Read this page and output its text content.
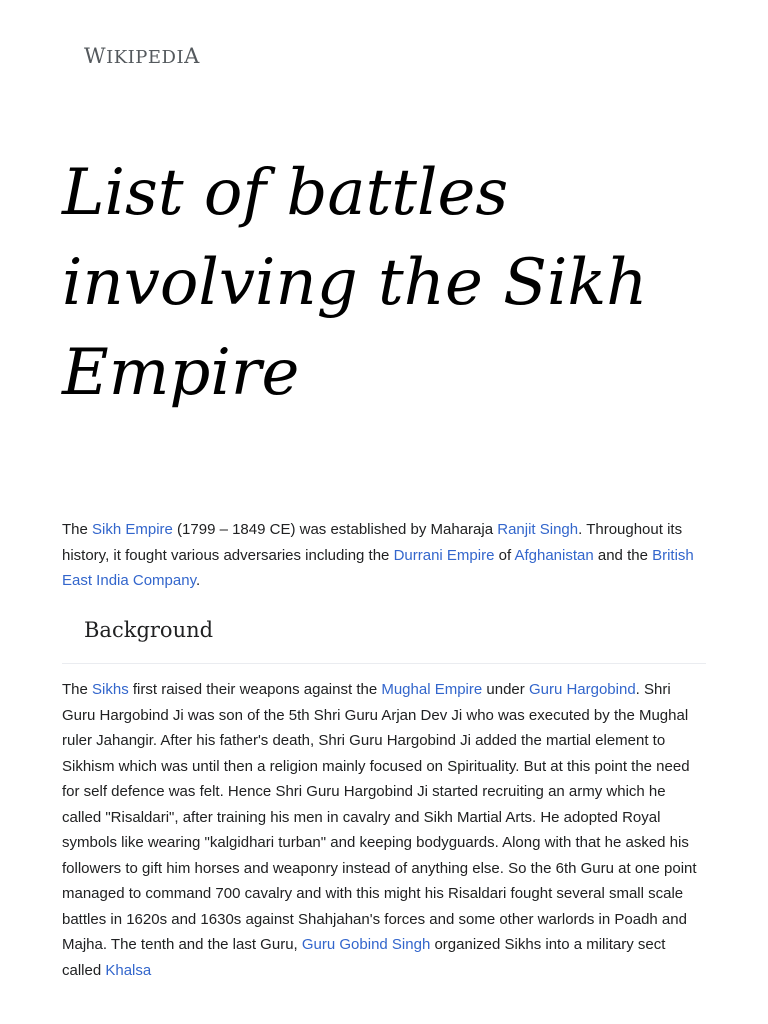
WIKIPEDIA
List of battles involving the Sikh Empire

The Sikh Empire (1799 – 1849 CE) was established by Maharaja Ranjit Singh. Throughout its history, it fought various adversaries including the Durrani Empire of Afghanistan and the British East India Company.

Background

The Sikhs first raised their weapons against the Mughal Empire under Guru Hargobind. Shri Guru Hargobind Ji was son of the 5th Shri Guru Arjan Dev Ji who was executed by the Mughal ruler Jahangir. After his father's death, Shri Guru Hargobind Ji added the martial element to Sikhism which was until then a religion mainly focused on Spirituality. But at this point the need for self defence was felt. Hence Shri Guru Hargobind Ji started recruiting an army which he called "Risaldari", after training his men in cavalry and Sikh Martial Arts. He adopted Royal symbols like wearing "kalgidhari turban" and keeping bodyguards. Along with that he asked his followers to gift him horses and weaponry instead of anything else. So the 6th Guru at one point managed to command 700 cavalry and with this might his Risaldari fought several small scale battles in 1620s and 1630s against Shahjahan's forces and some other warlords in Poadh and Majha. The tenth and the last Guru, Guru Gobind Singh organized Sikhs into a military sect called Khalsa
